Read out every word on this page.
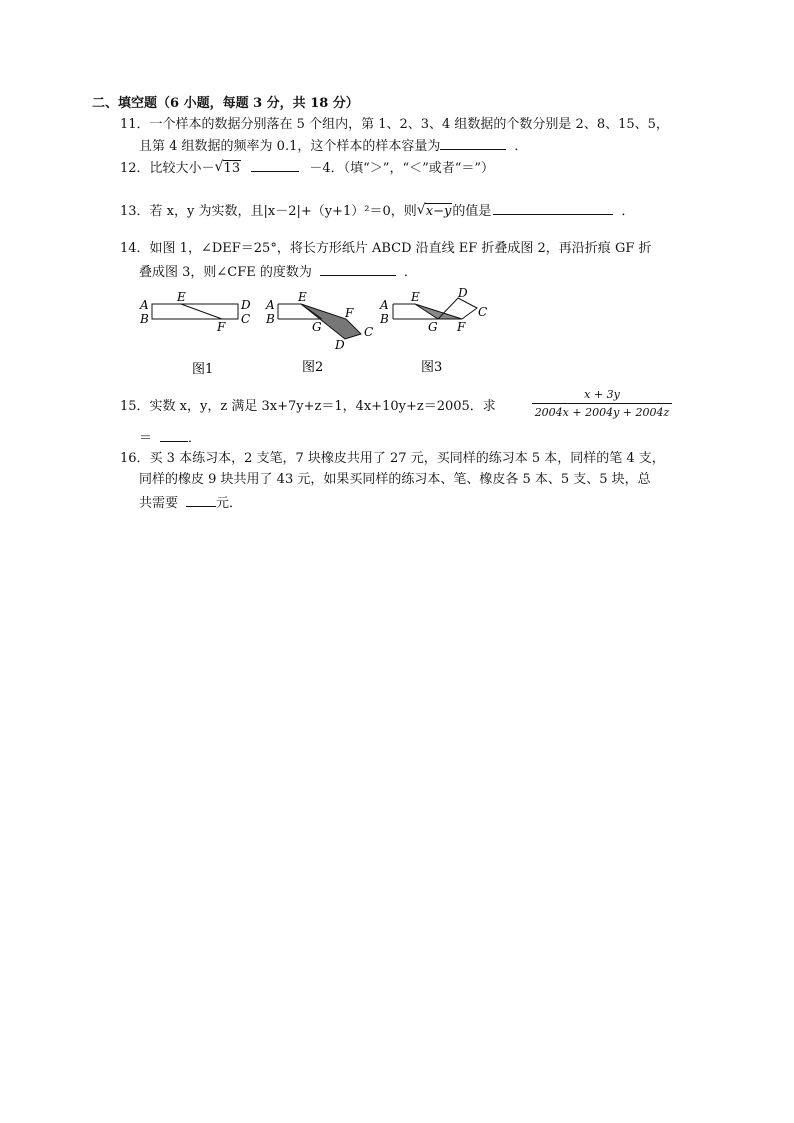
二、填空题（6 小题，每题 3 分，共 18 分）
11．一个样本的数据分别落在 5 个组内，第 1、2、3、4 组数据的个数分别是 2、8、15、5，
且第 4 组数据的频率为 0.1，这个样本的样本容量为	．
12．比较大小－ √ 13	－4．（填“＞”，“＜”或者“＝”）
13．若 x，y 为实数，且|x－2|+（y+1）²＝0，则 √ x−y的值是	．
14．如图 1，∠DEF＝25°，将长方形纸片 ABCD 沿直线 EF 折叠成图 2，再沿折痕 GF 折
叠成图 3，则∠CFE 的度数为	．
A
B
E
D
C
F
图1
A
B
E
F
G	C
D
图2
A
B
E	D
G F
C
图3
15．实数 x，y，z 满足 3x+7y+z＝1，4x+10y+z＝2005．求
x + 3y
2004x + 2004y + 2004z
＝	．
16．买 3 本练习本，2 支笔，7 块橡皮共用了 27 元，买同样的练习本 5 本，同样的笔 4 支，
同样的橡皮 9 块共用了 43 元，如果买同样的练习本、笔、橡皮各 5 本、5 支、5 块，总
共需要	元．
